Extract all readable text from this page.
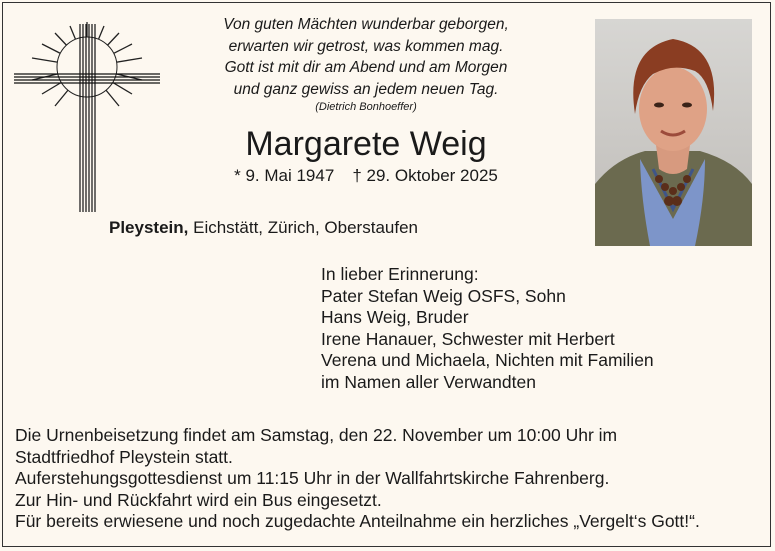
Von guten Mächten wunderbar geborgen,
erwarten wir getrost, was kommen mag.
Gott ist mit dir am Abend und am Morgen
und ganz gewiss an jedem neuen Tag.
(Dietrich Bonhoeffer)
Margarete Weig
* 9. Mai 1947 † 29. Oktober 2025
Pleystein, Eichstätt, Zürich, Oberstaufen
In lieber Erinnerung:
Pater Stefan Weig OSFS, Sohn
Hans Weig, Bruder
Irene Hanauer, Schwester mit Herbert
Verena und Michaela, Nichten mit Familien
im Namen aller Verwandten
Die Urnenbeisetzung findet am Samstag, den 22. November um 10:00 Uhr im
Stadtfriedhof Pleystein statt.
Auferstehungsgottesdienst um 11:15 Uhr in der Wallfahrtskirche Fahrenberg.
Zur Hin- und Rückfahrt wird ein Bus eingesetzt.
Für bereits erwiesene und noch zugedachte Anteilnahme ein herzliches „Vergelt‘s Gott!“.
